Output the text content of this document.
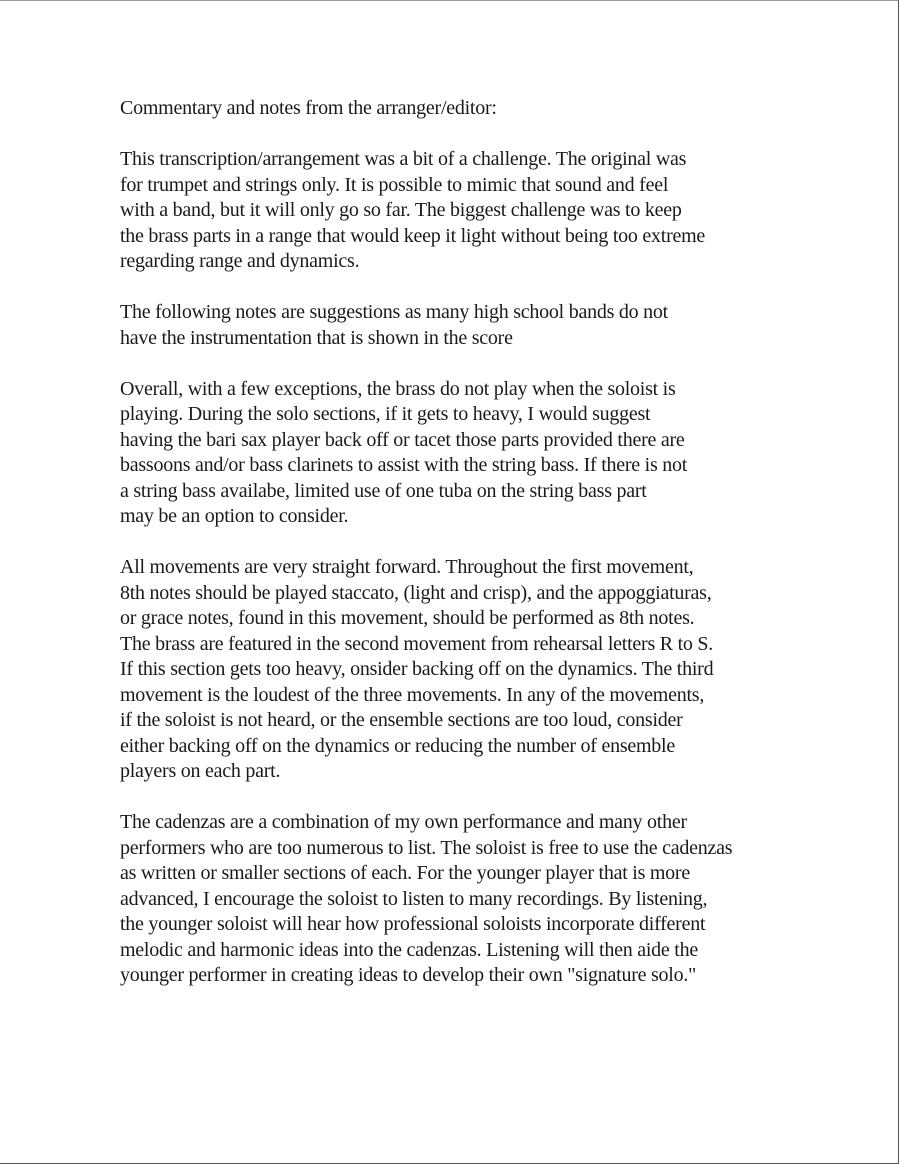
Commentary and notes from the arranger/editor:

This transcription/arrangement was a bit of a challenge. The original was
for trumpet and strings only. It is possible to mimic that sound and feel
with a band, but it will only go so far. The biggest challenge was to keep
the brass parts in a range that would keep it light without being too extreme
regarding range and dynamics.

The following notes are suggestions as many high school bands do not
have the instrumentation that is shown in the score

Overall, with a few exceptions, the brass do not play when the soloist is
playing. During the solo sections, if it gets to heavy, I would suggest
having the bari sax player back off or tacet those parts provided there are
bassoons and/or bass clarinets to assist with the string bass. If there is not
a string bass availabe, limited use of one tuba on the string bass part
may be an option to consider.

All movements are very straight forward. Throughout the first movement,
8th notes should be played staccato, (light and crisp), and the appoggiaturas,
or grace notes, found in this movement, should be performed as 8th notes.
The brass are featured in the second movement from rehearsal letters R to S.
If this section gets too heavy, onsider backing off on the dynamics. The third
movement is the loudest of the three movements. In any of the movements,
if the soloist is not heard, or the ensemble sections are too loud, consider
either backing off on the dynamics or reducing the number of ensemble
players on each part.

The cadenzas are a combination of my own performance and many other
performers who are too numerous to list. The soloist is free to use the cadenzas
as written or smaller sections of each. For the younger player that is more
advanced, I encourage the soloist to listen to many recordings. By listening,
the younger soloist will hear how professional soloists incorporate different
melodic and harmonic ideas into the cadenzas. Listening will then aide the
younger performer in creating ideas to develop their own "signature solo."
